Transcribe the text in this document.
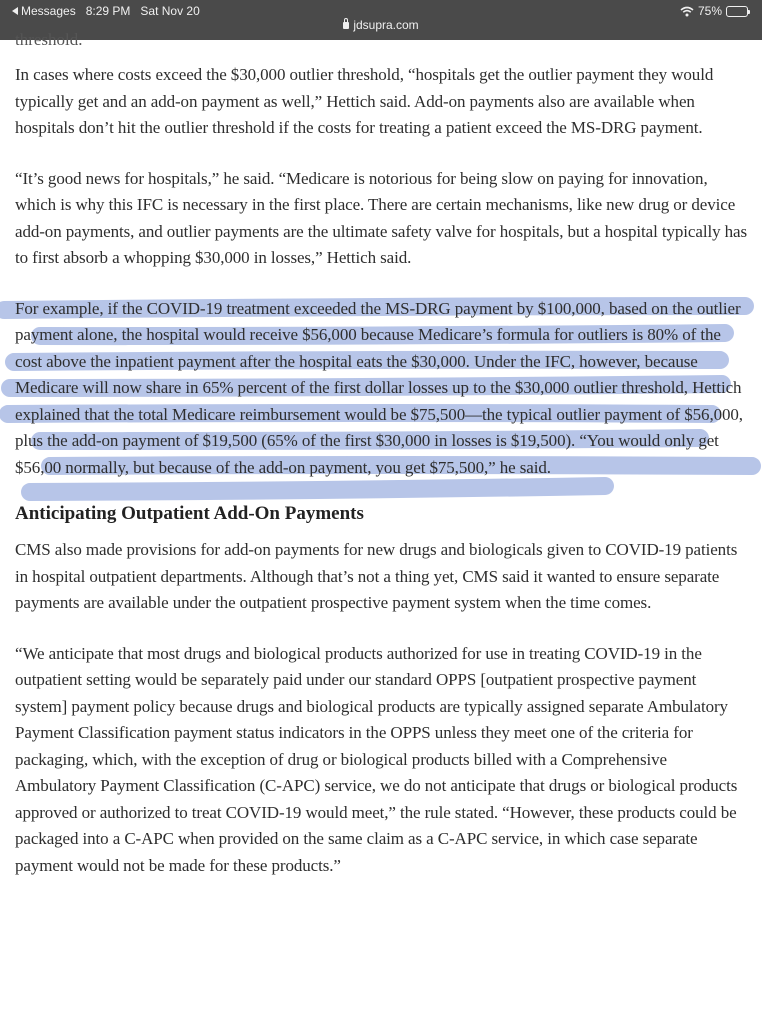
Messages 8:29 PM Sat Nov 20
jdsupra.com
75%
threshold.

In cases where costs exceed the $30,000 outlier threshold, “hospitals get the outlier payment they would typically get and an add-on payment as well,” Hettich said. Add-on payments also are available when hospitals don’t hit the outlier threshold if the costs for treating a patient exceed the MS-DRG payment.

“It’s good news for hospitals,” he said. “Medicare is notorious for being slow on paying for innovation, which is why this IFC is necessary in the first place. There are certain mechanisms, like new drug or device add-on payments, and outlier payments are the ultimate safety valve for hospitals, but a hospital typically has to first absorb a whopping $30,000 in losses,” Hettich said.

For example, if the COVID-19 treatment exceeded the MS-DRG payment by $100,000, based on the outlier payment alone, the hospital would receive $56,000 because Medicare’s formula for outliers is 80% of the cost above the inpatient payment after the hospital eats the $30,000. Under the IFC, however, because Medicare will now share in 65% percent of the first dollar losses up to the $30,000 outlier threshold, Hettich explained that the total Medicare reimbursement would be $75,500—the typical outlier payment of $56,000, plus the add-on payment of $19,500 (65% of the first $30,000 in losses is $19,500). “You would only get $56,00 normally, but because of the add-on payment, you get $75,500,” he said.

Anticipating Outpatient Add-On Payments

CMS also made provisions for add-on payments for new drugs and biologicals given to COVID-19 patients in hospital outpatient departments. Although that’s not a thing yet, CMS said it wanted to ensure separate payments are available under the outpatient prospective payment system when the time comes.

“We anticipate that most drugs and biological products authorized for use in treating COVID-19 in the outpatient setting would be separately paid under our standard OPPS [outpatient prospective payment system] payment policy because drugs and biological products are typically assigned separate Ambulatory Payment Classification payment status indicators in the OPPS unless they meet one of the criteria for packaging, which, with the exception of drug or biological products billed with a Comprehensive Ambulatory Payment Classification (C-APC) service, we do not anticipate that drugs or biological products approved or authorized to treat COVID-19 would meet,” the rule stated. “However, these products could be packaged into a C-APC when provided on the same claim as a C-APC service, in which case separate payment would not be made for these products.”
